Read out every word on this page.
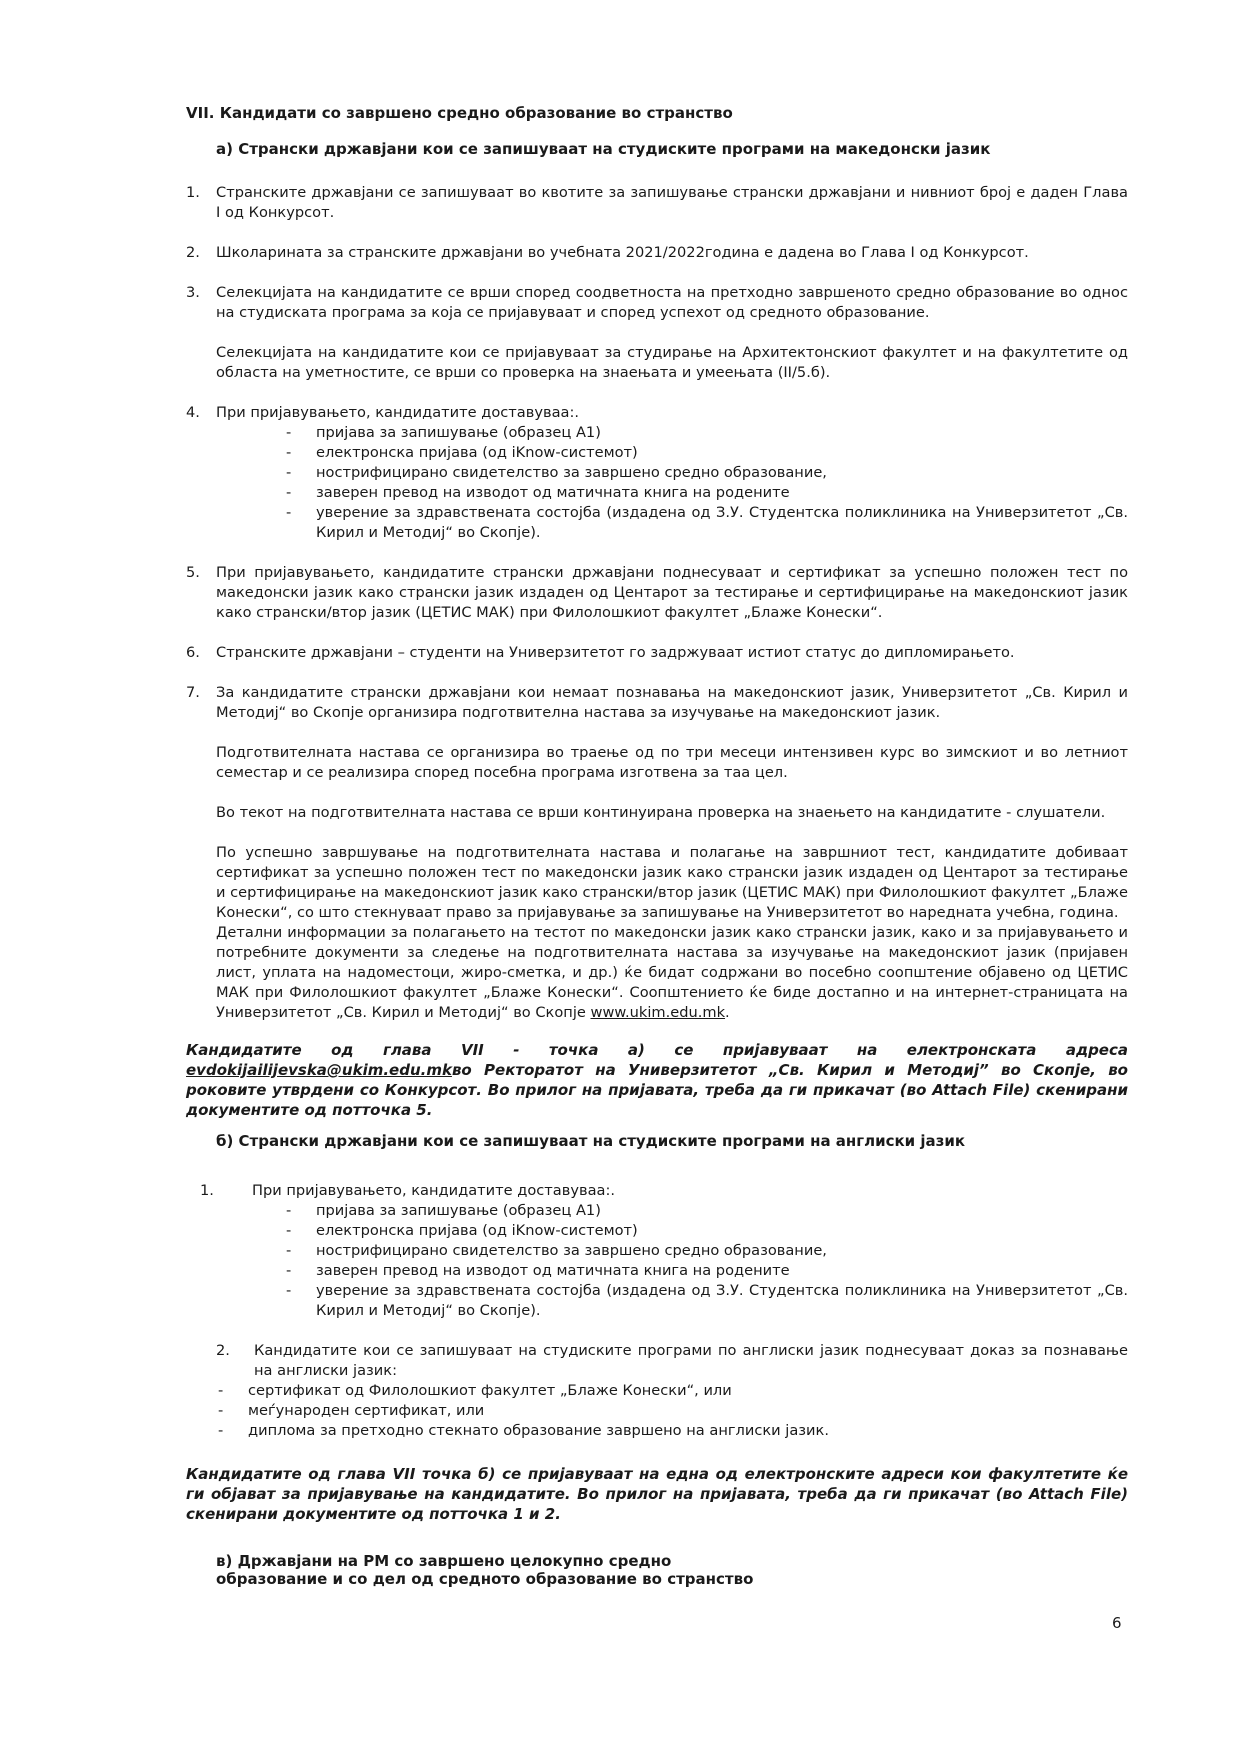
VII. Кандидати со завршено средно образование во странство
а) Странски државјани кои се запишуваат на студиските програми на македонски јазик
1.	Странските државјани се запишуваат во квотите за запишување странски државјани и нивниот број е даден Глава I од Конкурсот.
2.	Школарината за странските државјани во учебната 2021/2022година е дадена во Глава I од Конкурсот.
3.	Селекцијата на кандидатите се врши според соодветноста на претходно завршеното средно образование во однос на студиската програма за која се пријавуваат и според успехот од средното образование.
Селекцијата на кандидатите кои се пријавуваат за студирање на Архитектонскиот факултет и на факултетите од областа на уметностите, се врши со проверка на знаењата и умеењата (II/5.б).
4.	При пријавувањето, кандидатите доставуваа:.
- пријава за запишување (образец А1)
- електронска пријава (од iKnow-системот)
- нострифицирано свидетелство за завршено средно образование,
- заверен превод на изводот од матичната книга на родените
- уверение за здравствената состојба (издадена од З.У. Студентска поликлиника на Универзитетот „Св. Кирил и Методиј“ во Скопје).
5.	При пријавувањето, кандидатите странски државјани поднесуваат и сертификат за успешно положен тест по македонски јазик како странски јазик издаден од Центарот за тестирање и сертифицирање на македонскиот јазик како странски/втор јазик (ЦЕТИС МАК) при Филолошкиот факултет „Блаже Конески“.
6.	Странските државјани – студенти на Универзитетот го задржуваат истиот статус до дипломирањето.
7.	За кандидатите странски државјани кои немаат познавања на македонскиот јазик, Универзитетот „Св. Кирил и Методиј“ во Скопје организира подготвителна настава за изучување на македонскиот јазик.
Подготвителната настава се организира во траење од по три месеци интензивен курс во зимскиот и во летниот семестар и се реализира според посебна програма изготвена за таа цел.
Во текот на подготвителната настава се врши континуирана проверка на знаењето на кандидатите - слушатели.
По успешно завршување на подготвителната настава и полагање на завршниот тест, кандидатите добиваат сертификат за успешно положен тест по македонски јазик како странски јазик издаден од Центарот за тестирање и сертифицирање на македонскиот јазик како странски/втор јазик (ЦЕТИС МАК) при Филолошкиот факултет „Блаже Конески“, со што стекнуваат право за пријавување за запишување на Универзитетот во наредната учебна, година.
Детални информации за полагањето на тестот по македонски јазик како странски јазик, како и за пријавувањето и потребните документи за следење на подготвителната настава за изучување на македонскиот јазик (пријавен лист, уплата на надоместоци, жиро-сметка, и др.) ќе бидат содржани во посебно соопштение објавено од ЦЕТИС МАК при Филолошкиот факултет „Блаже Конески“. Соопштението ќе биде достапно и на интернет-страницата на Универзитетот „Св. Кирил и Методиј“ во Скопје www.ukim.edu.mk.
Кандидатите од глава VII - точка а) се пријавуваат на електронската адреса
evdokijailijevska@ukim.edu.mkво Ректоратот на Универзитетот „Св. Кирил и Методиј” во Скопје, во роковите утврдени со Конкурсот. Во прилог на пријавата, треба да ги прикачат (во Attach File) скенирани документите од потточка 5.
б) Странски државјани кои се запишуваат на студиските програми на англиски јазик
1.	При пријавувањето, кандидатите доставуваа:.
- пријава за запишување (образец А1)
- електронска пријава (од iKnow-системот)
- нострифицирано свидетелство за завршено средно образование,
- заверен превод на изводот од матичната книга на родените
- уверение за здравствената состојба (издадена од З.У. Студентска поликлиника на Универзитетот „Св. Кирил и Методиј“ во Скопје).
2. Кандидатите кои се запишуваат на студиските програми по англиски јазик поднесуваат доказ за познавање на англиски јазик:
- сертификат од Филолошкиот факултет „Блаже Конески“, или
- меѓународен сертификат, или
- диплома за претходно стекнато образование завршено на англиски јазик.
Кандидатите од глава VII точка б) се пријавуваат на една од електронските адреси кои факултетите ќе ги објават за пријавување на кандидатите. Во прилог на пријавата, треба да ги прикачат (во Attach File) скенирани документите од потточка 1 и 2.
в) Државјани на РМ со завршено целокупно средно
образование и со дел од средното образование во странство
6
